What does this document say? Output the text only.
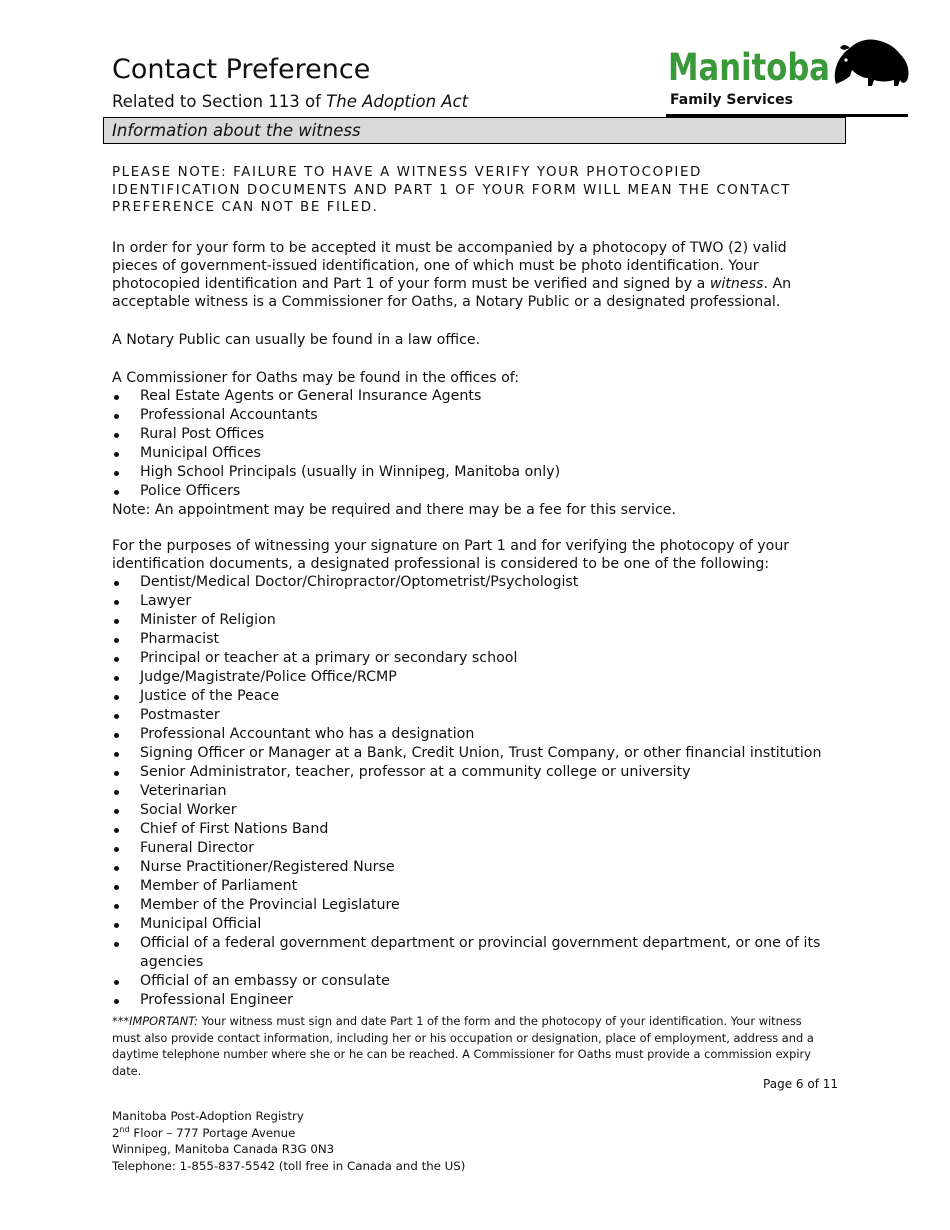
Contact Preference
Related to Section 113 of The Adoption Act
Manitoba
Family Services
Information about the witness

PLEASE NOTE: FAILURE TO HAVE A WITNESS VERIFY YOUR PHOTOCOPIED IDENTIFICATION DOCUMENTS AND PART 1 OF YOUR FORM WILL MEAN THE CONTACT PREFERENCE CAN NOT BE FILED.

In order for your form to be accepted it must be accompanied by a photocopy of TWO (2) valid pieces of government-issued identification, one of which must be photo identification. Your photocopied identification and Part 1 of your form must be verified and signed by a witness. An acceptable witness is a Commissioner for Oaths, a Notary Public or a designated professional.

A Notary Public can usually be found in a law office.

A Commissioner for Oaths may be found in the offices of:

Real Estate Agents or General Insurance Agents
Professional Accountants
Rural Post Offices
Municipal Offices
High School Principals (usually in Winnipeg, Manitoba only)
Police Officers

Note: An appointment may be required and there may be a fee for this service.

For the purposes of witnessing your signature on Part 1 and for verifying the photocopy of your identification documents, a designated professional is considered to be one of the following:

Dentist/Medical Doctor/Chiropractor/Optometrist/Psychologist
Lawyer
Minister of Religion
Pharmacist
Principal or teacher at a primary or secondary school
Judge/Magistrate/Police Office/RCMP
Justice of the Peace
Postmaster
Professional Accountant who has a designation
Signing Officer or Manager at a Bank, Credit Union, Trust Company, or other financial institution
Senior Administrator, teacher, professor at a community college or university
Veterinarian
Social Worker
Chief of First Nations Band
Funeral Director
Nurse Practitioner/Registered Nurse
Member of Parliament
Member of the Provincial Legislature
Municipal Official
Official of a federal government department or provincial government department, or one of its agencies
Official of an embassy or consulate
Professional Engineer
***IMPORTANT: Your witness must sign and date Part 1 of the form and the photocopy of your identification. Your witness must also provide contact information, including her or his occupation or designation, place of employment, address and a daytime telephone number where she or he can be reached. A Commissioner for Oaths must provide a commission expiry date.
Page 6 of 11
Manitoba Post-Adoption Registry
2nd Floor – 777 Portage Avenue
Winnipeg, Manitoba Canada R3G 0N3
Telephone: 1-855-837-5542 (toll free in Canada and the US)
